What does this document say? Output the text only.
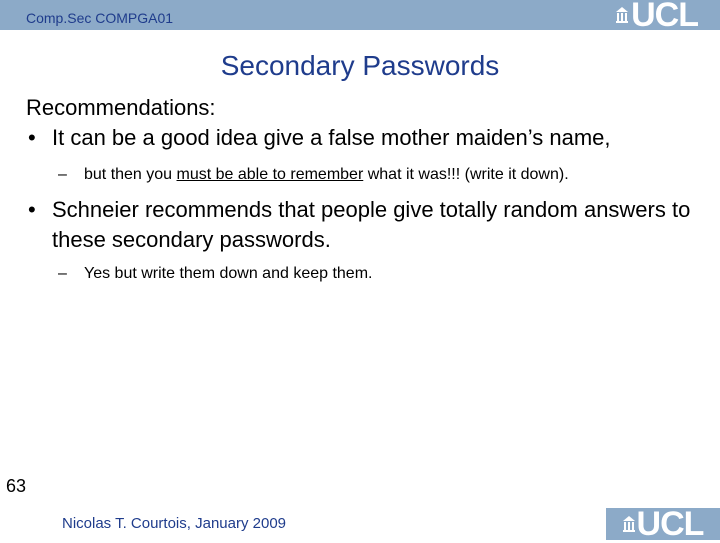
Comp.Sec COMPGA01	UCL
Secondary Passwords

Recommendations:

• It can be a good idea give a false mother maiden’s name,

– but then you must be able to remember what it was!!! (write it down).

• Schneier recommends that people give totally random answers to these secondary passwords.

– Yes but write them down and keep them.

63
Nicolas T. Courtois, January 2009	UCL
